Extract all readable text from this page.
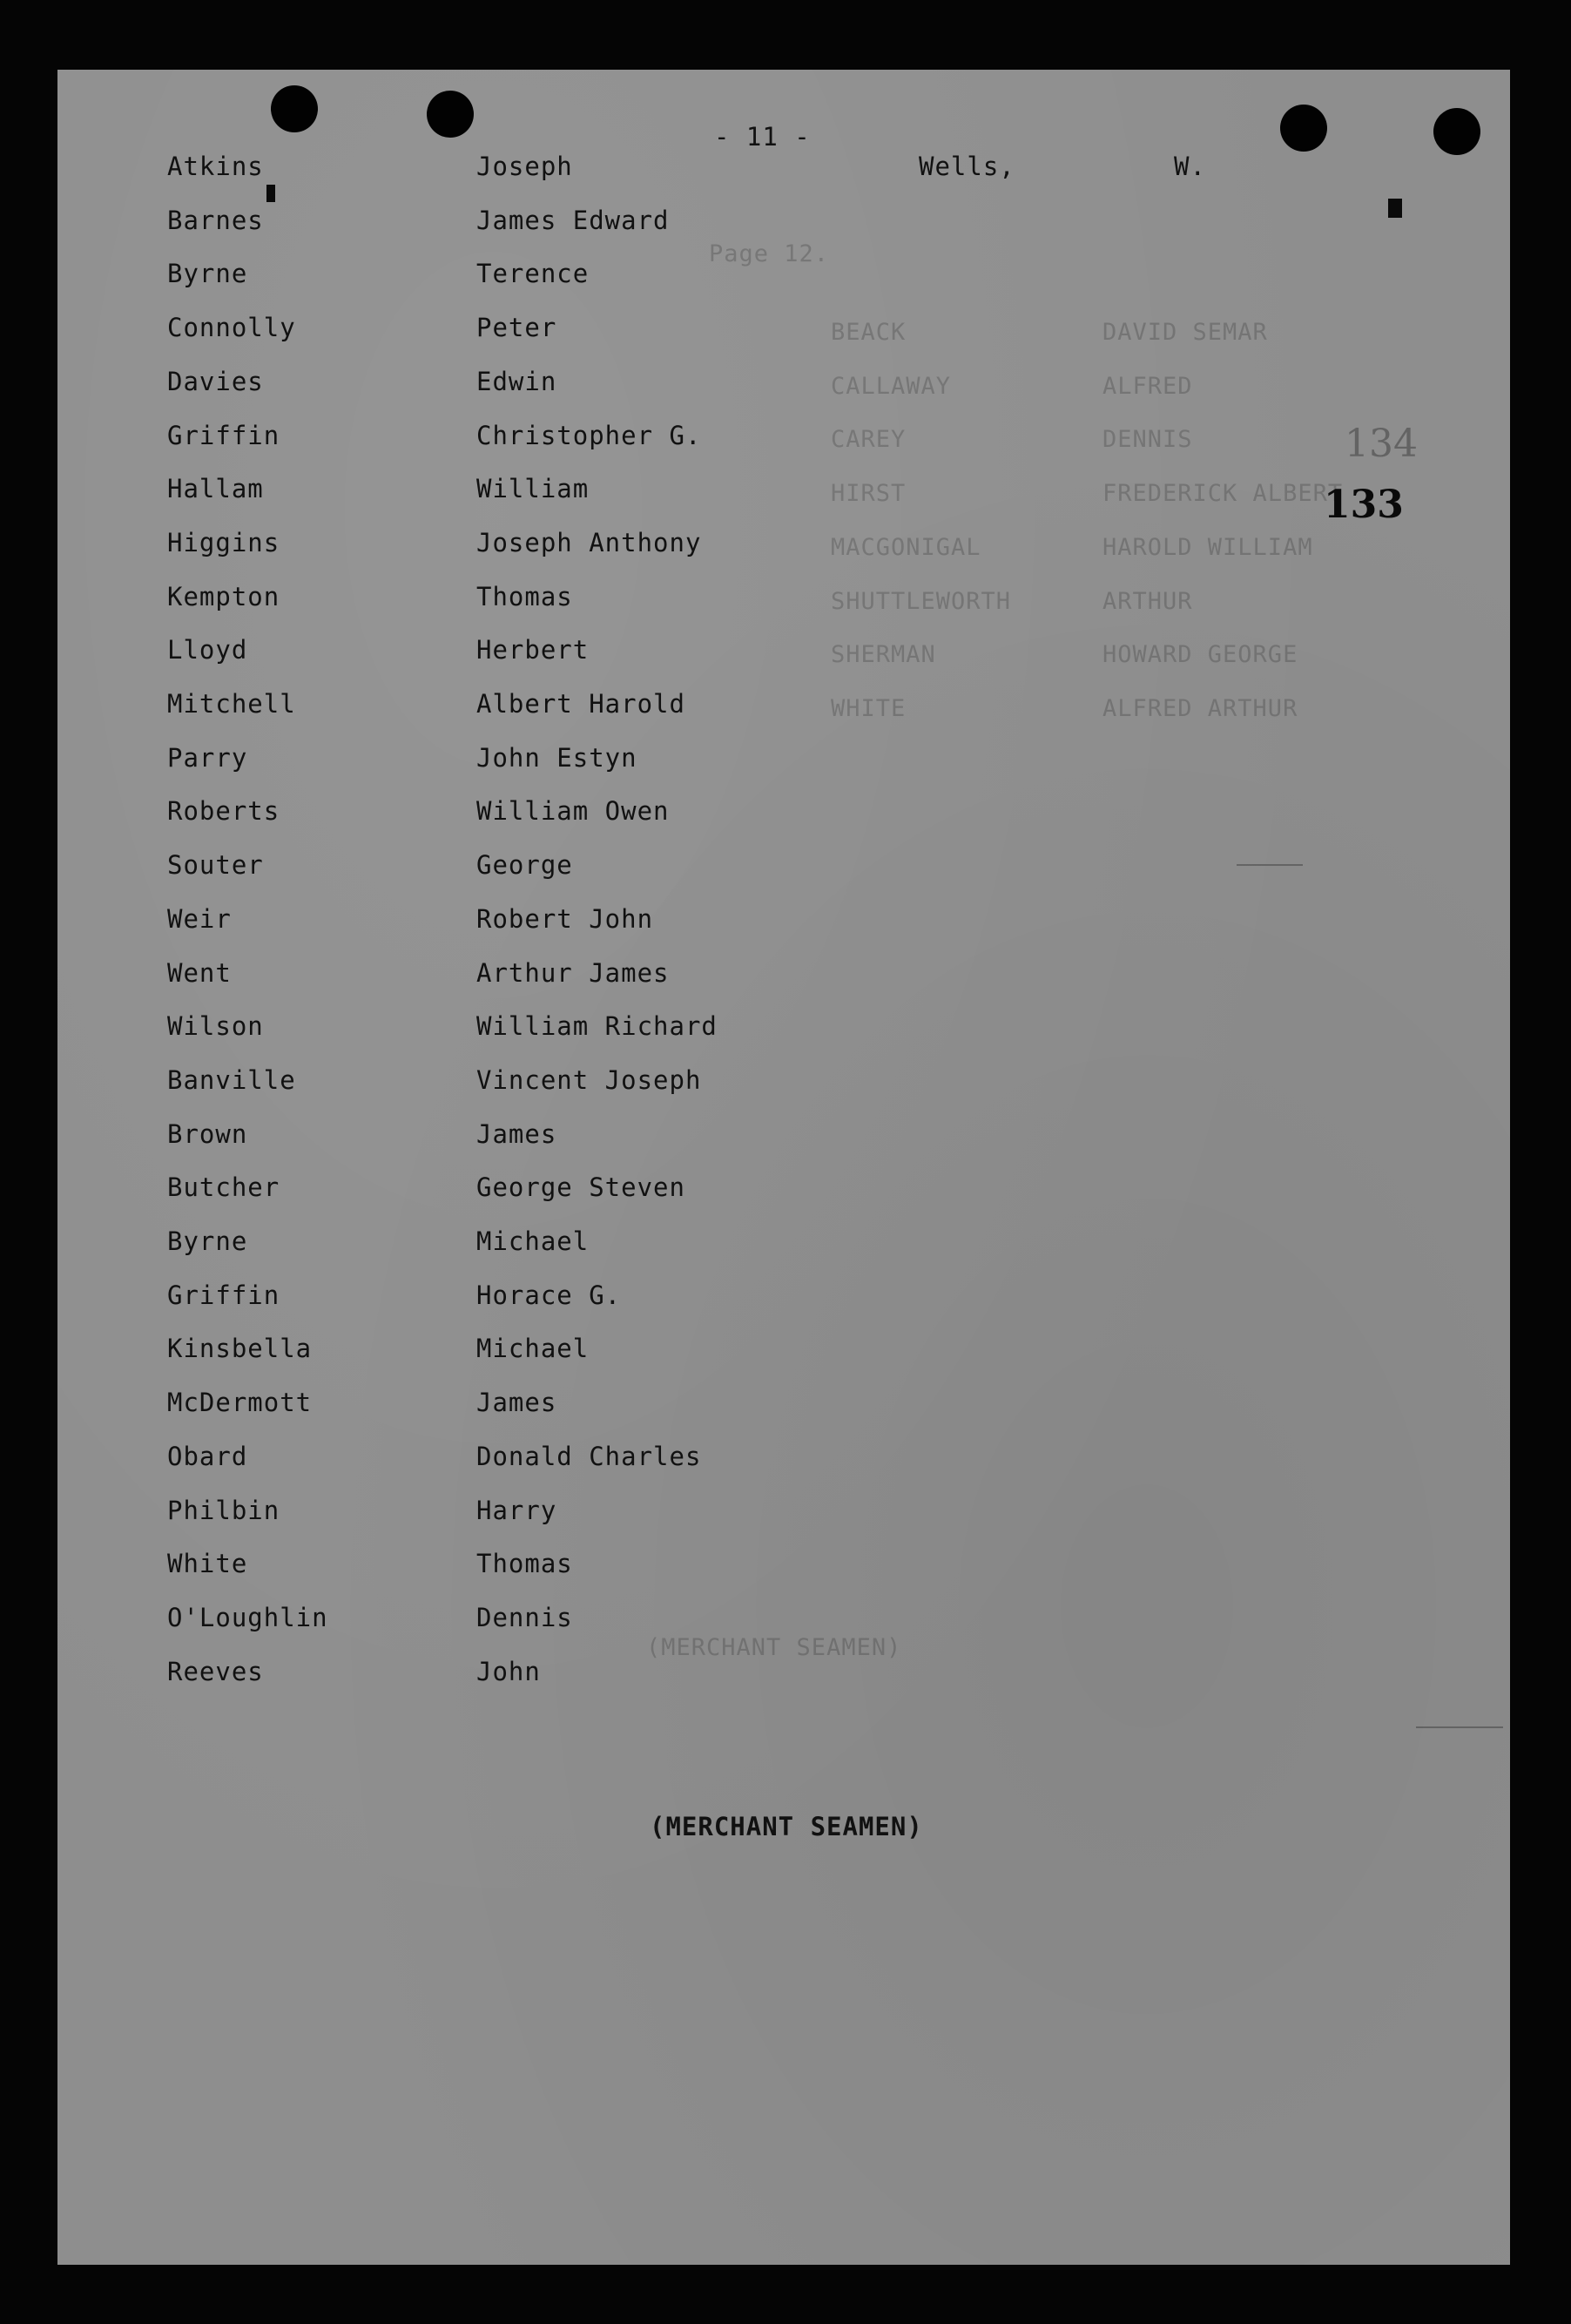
Page 12.
BEACK	DAVID SEMAR
CALLAWAY	ALFRED
CAREY	DENNIS
HIRST	FREDERICK ALBERT
MACGONIGAL	HAROLD WILLIAM
SHUTTLEWORTH	ARTHUR
SHERMAN	HOWARD GEORGE
WHITE	ALFRED ARTHUR
(MERCHANT SEAMEN)
134
133
- 11 -
Wells,	W.
Atkins	Joseph
Barnes	James Edward
Byrne	Terence
Connolly	Peter
Davies	Edwin
Griffin	Christopher G.
Hallam	William
Higgins	Joseph Anthony
Kempton	Thomas
Lloyd	Herbert
Mitchell	Albert Harold
Parry	John Estyn
Roberts	William Owen
Souter	George
Weir	Robert John
Went	Arthur James
Wilson	William Richard
Banville	Vincent Joseph
Brown	James
Butcher	George Steven
Byrne	Michael
Griffin	Horace G.
Kinsbella	Michael
McDermott	James
Obard	Donald Charles
Philbin	Harry
White	Thomas
O'Loughlin	Dennis
Reeves	John
(MERCHANT SEAMEN)
